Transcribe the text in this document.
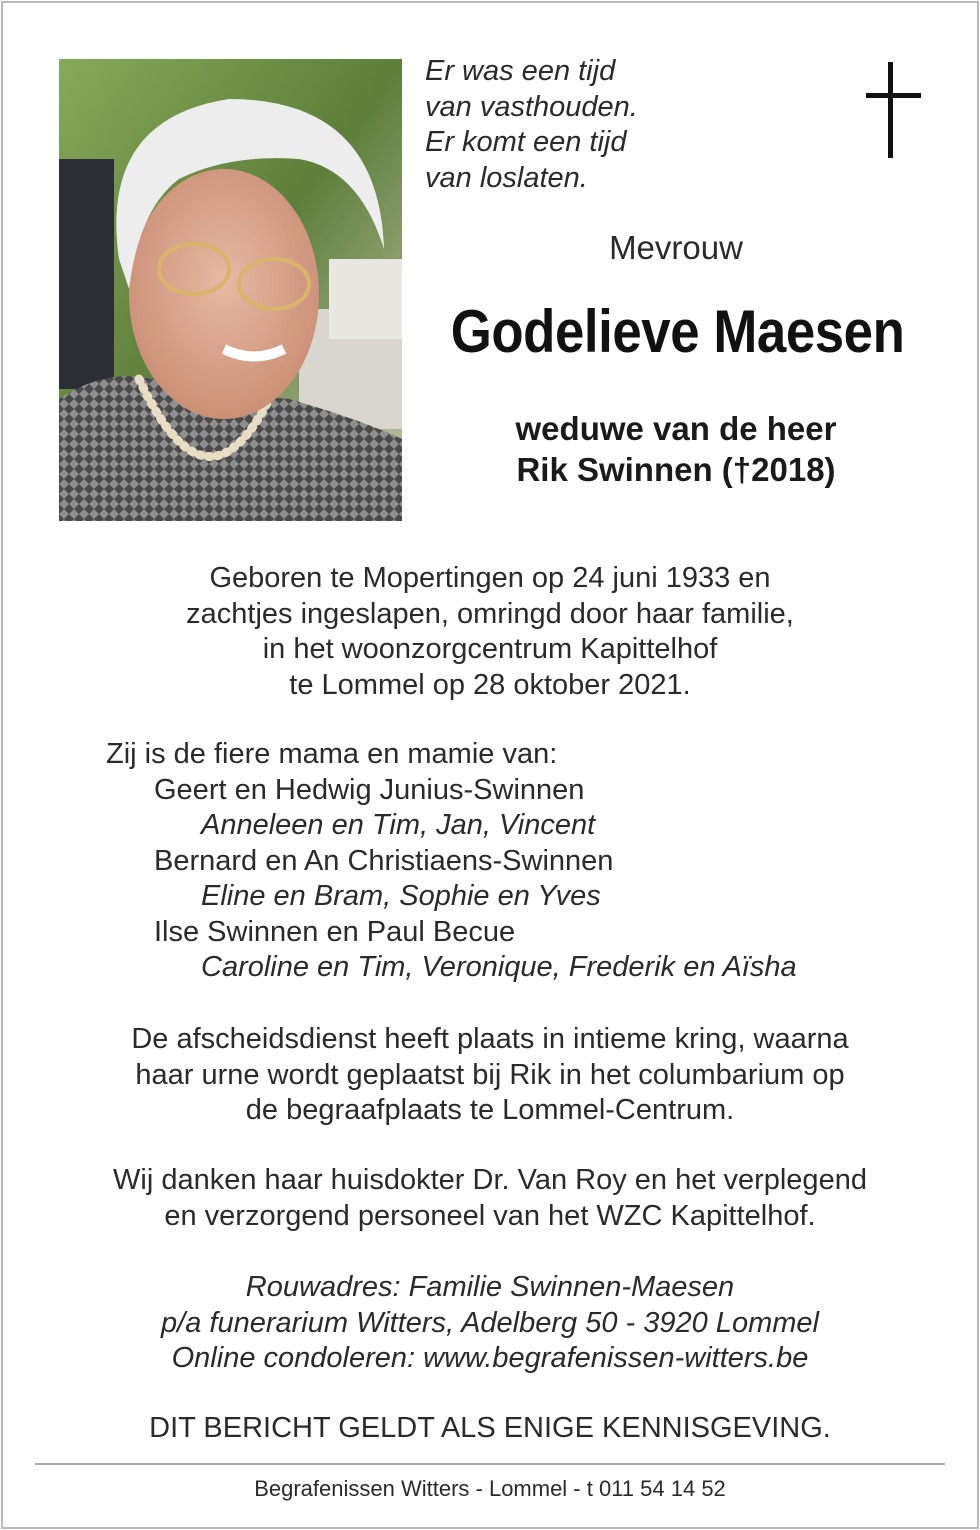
Er was een tijd
van vasthouden.
Er komt een tijd
van loslaten.
Mevrouw
Godelieve Maesen
weduwe van de heer
Rik Swinnen (†2018)
Geboren te Mopertingen op 24 juni 1933 en
zachtjes ingeslapen, omringd door haar familie,
in het woonzorgcentrum Kapittelhof
te Lommel op 28 oktober 2021.
Zij is de fiere mama en mamie van:
Geert en Hedwig Junius-Swinnen
Anneleen en Tim, Jan, Vincent
Bernard en An Christiaens-Swinnen
Eline en Bram, Sophie en Yves
Ilse Swinnen en Paul Becue
Caroline en Tim, Veronique, Frederik en Aïsha
De afscheidsdienst heeft plaats in intieme kring, waarna
haar urne wordt geplaatst bij Rik in het columbarium op
de begraafplaats te Lommel-Centrum.
Wij danken haar huisdokter Dr. Van Roy en het verplegend
en verzorgend personeel van het WZC Kapittelhof.
Rouwadres: Familie Swinnen-Maesen
p/a funerarium Witters, Adelberg 50 - 3920 Lommel
Online condoleren: www.begrafenissen-witters.be
DIT BERICHT GELDT ALS ENIGE KENNISGEVING.
Begrafenissen Witters - Lommel - t 011 54 14 52
